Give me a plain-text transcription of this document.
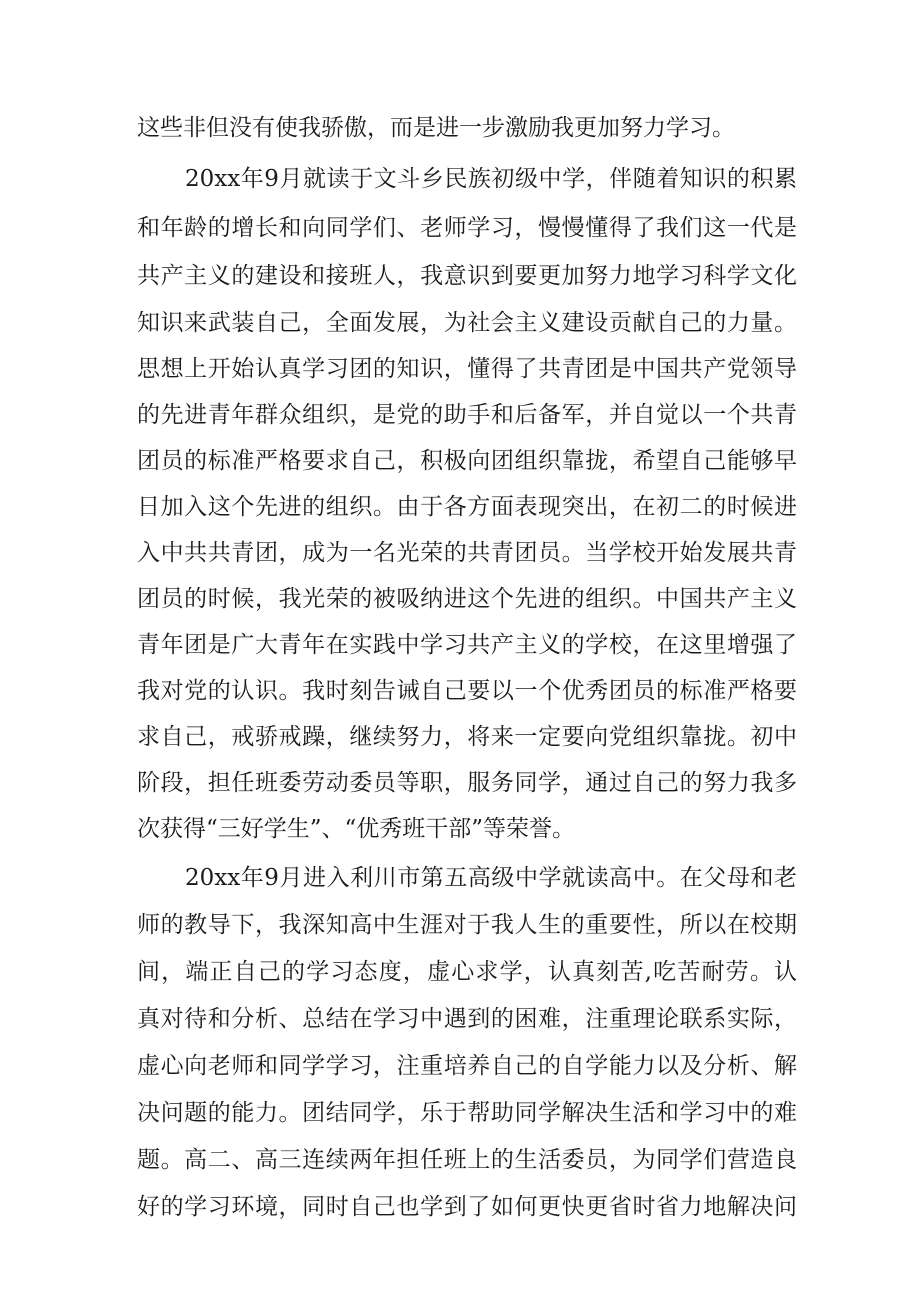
这些非但没有使我骄傲，而是进一步激励我更加努力学习。
20xx年9月就读于文斗乡民族初级中学，伴随着知识的积累
和年龄的增长和向同学们、老师学习，慢慢懂得了我们这一代是
共产主义的建设和接班人，我意识到要更加努力地学习科学文化
知识来武装自己，全面发展，为社会主义建设贡献自己的力量。
思想上开始认真学习团的知识，懂得了共青团是中国共产党领导
的先进青年群众组织，是党的助手和后备军，并自觉以一个共青
团员的标准严格要求自己，积极向团组织靠拢，希望自己能够早
日加入这个先进的组织。由于各方面表现突出，在初二的时候进
入中共共青团，成为一名光荣的共青团员。当学校开始发展共青
团员的时候，我光荣的被吸纳进这个先进的组织。中国共产主义
青年团是广大青年在实践中学习共产主义的学校，在这里增强了
我对党的认识。我时刻告诫自己要以一个优秀团员的标准严格要
求自己，戒骄戒躁，继续努力，将来一定要向党组织靠拢。初中
阶段，担任班委劳动委员等职，服务同学，通过自己的努力我多
次获得“三好学生”、“优秀班干部”等荣誉。
20xx年9月进入利川市第五高级中学就读高中。在父母和老
师的教导下，我深知高中生涯对于我人生的重要性，所以在校期
间，端正自己的学习态度，虚心求学，认真刻苦,吃苦耐劳。认
真对待和分析、总结在学习中遇到的困难，注重理论联系实际，
虚心向老师和同学学习，注重培养自己的自学能力以及分析、解
决问题的能力。团结同学，乐于帮助同学解决生活和学习中的难
题。高二、高三连续两年担任班上的生活委员，为同学们营造良
好的学习环境，同时自己也学到了如何更快更省时省力地解决问
